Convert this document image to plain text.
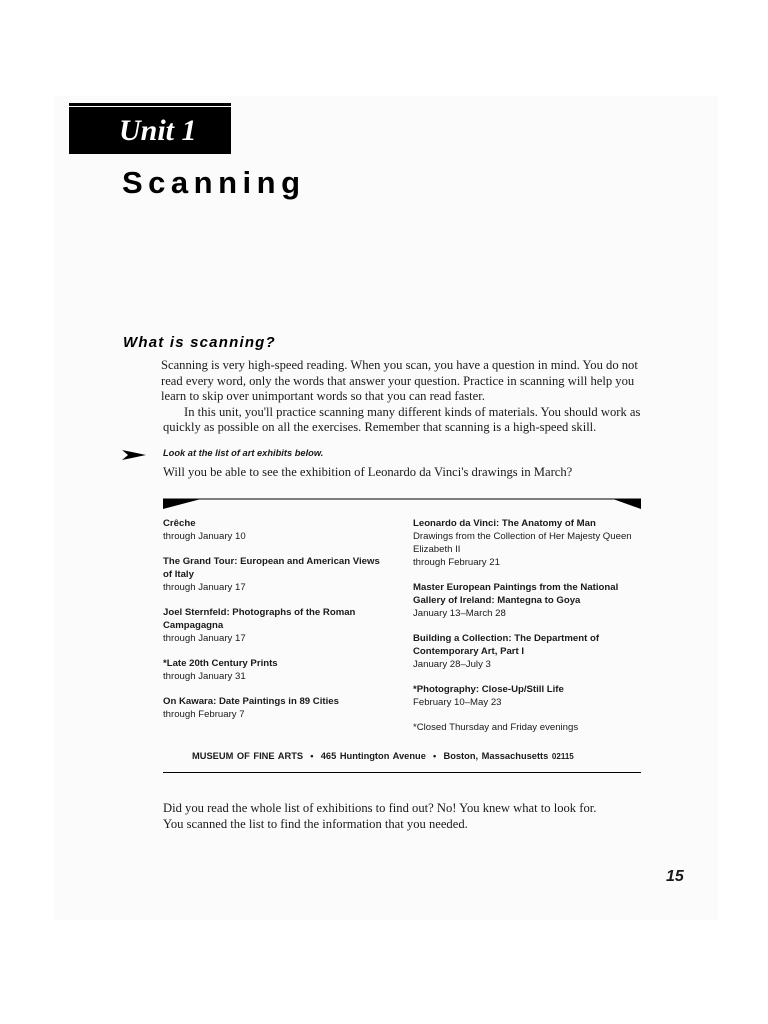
Unit 1
Scanning
What is scanning?

Scanning is very high-speed reading. When you scan, you have a question in mind. You do not read every word, only the words that answer your question. Practice in scanning will help you learn to skip over unimportant words so that you can read faster.

In this unit, you'll practice scanning many different kinds of materials. You should work as quickly as possible on all the exercises. Remember that scanning is a high-speed skill.

Look at the list of art exhibits below.
Will you be able to see the exhibition of Leonardo da Vinci's drawings in March?
Crêche
through January 10
The Grand Tour: European and American Views of Italy
through January 17
Joel Sternfeld: Photographs of the Roman Campagagna
through January 17
*Late 20th Century Prints
through January 31
On Kawara: Date Paintings in 89 Cities
through February 7
Leonardo da Vinci: The Anatomy of Man
Drawings from the Collection of Her Majesty Queen Elizabeth II
through February 21
Master European Paintings from the National Gallery of Ireland: Mantegna to Goya
January 13–March 28
Building a Collection: The Department of Contemporary Art, Part I
January 28–July 3
*Photography: Close-Up/Still Life
February 10–May 23
*Closed Thursday and Friday evenings
MUSEUM OF FINE ARTS • 465 Huntington Avenue • Boston, Massachusetts 02115

Did you read the whole list of exhibitions to find out? No! You knew what to look for.

You scanned the list to find the information that you needed.

15
